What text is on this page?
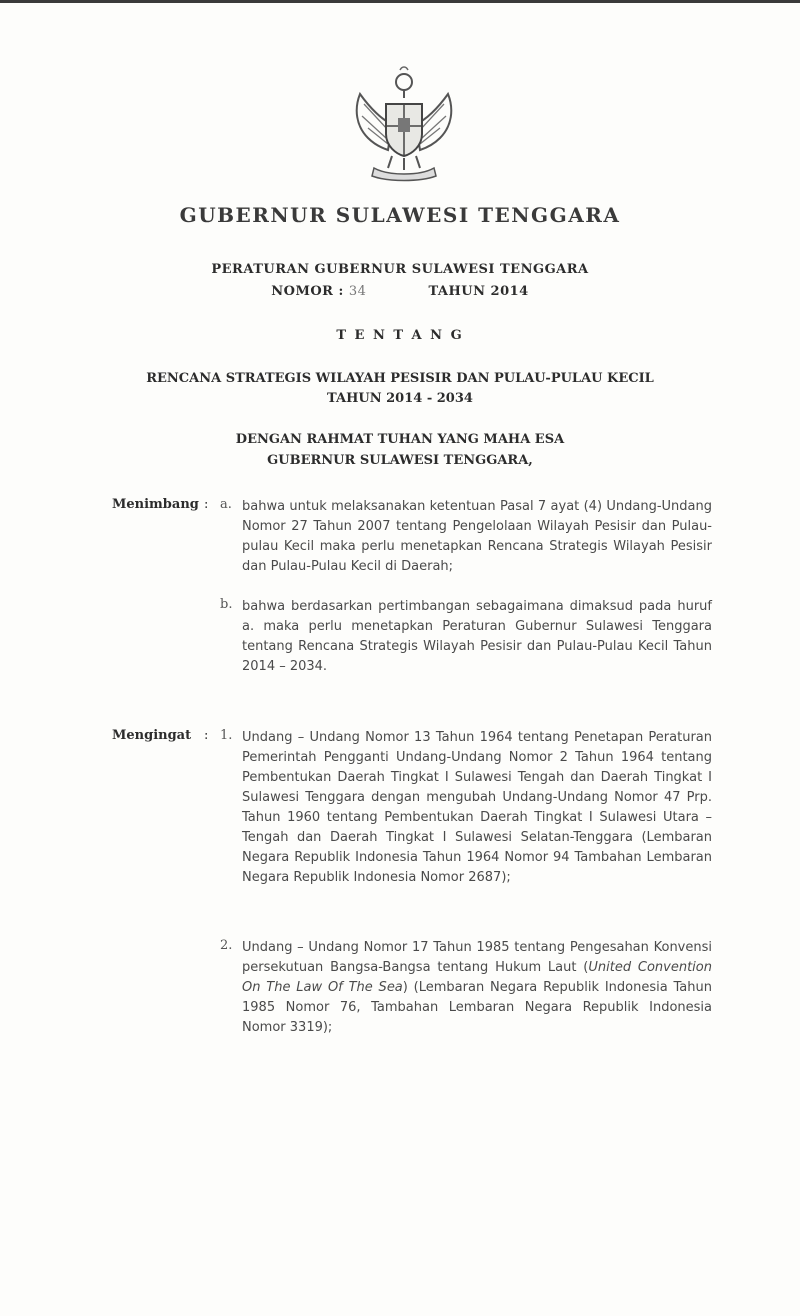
GUBERNUR SULAWESI TENGGARA
PERATURAN GUBERNUR SULAWESI TENGGARA
NOMOR : 34	TAHUN 2014
T E N T A N G
RENCANA STRATEGIS WILAYAH PESISIR DAN PULAU-PULAU KECIL
TAHUN 2014 - 2034
DENGAN RAHMAT TUHAN YANG MAHA ESA
GUBERNUR SULAWESI TENGGARA,
Menimbang : a. bahwa untuk melaksanakan ketentuan Pasal 7 ayat (4) Undang-Undang Nomor 27 Tahun 2007 tentang Pengelolaan Wilayah Pesisir dan Pulau-pulau Kecil maka perlu menetapkan Rencana Strategis Wilayah Pesisir dan Pulau-Pulau Kecil di Daerah;

b. bahwa berdasarkan pertimbangan sebagaimana dimaksud pada huruf a. maka perlu menetapkan Peraturan Gubernur Sulawesi Tenggara tentang Rencana Strategis Wilayah Pesisir dan Pulau-Pulau Kecil Tahun 2014 – 2034.

Mengingat : 1. Undang – Undang Nomor 13 Tahun 1964 tentang Penetapan Peraturan Pemerintah Pengganti Undang-Undang Nomor 2 Tahun 1964 tentang Pembentukan Daerah Tingkat I Sulawesi Tengah dan Daerah Tingkat I Sulawesi Tenggara dengan mengubah Undang-Undang Nomor 47 Prp. Tahun 1960 tentang Pembentukan Daerah Tingkat I Sulawesi Utara – Tengah dan Daerah Tingkat I Sulawesi Selatan-Tenggara (Lembaran Negara Republik Indonesia Tahun 1964 Nomor 94 Tambahan Lembaran Negara Republik Indonesia Nomor 2687);

2. Undang – Undang Nomor 17 Tahun 1985 tentang Pengesahan Konvensi persekutuan Bangsa-Bangsa tentang Hukum Laut (United Convention On The Law Of The Sea) (Lembaran Negara Republik Indonesia Tahun 1985 Nomor 76, Tambahan Lembaran Negara Republik Indonesia Nomor 3319);
